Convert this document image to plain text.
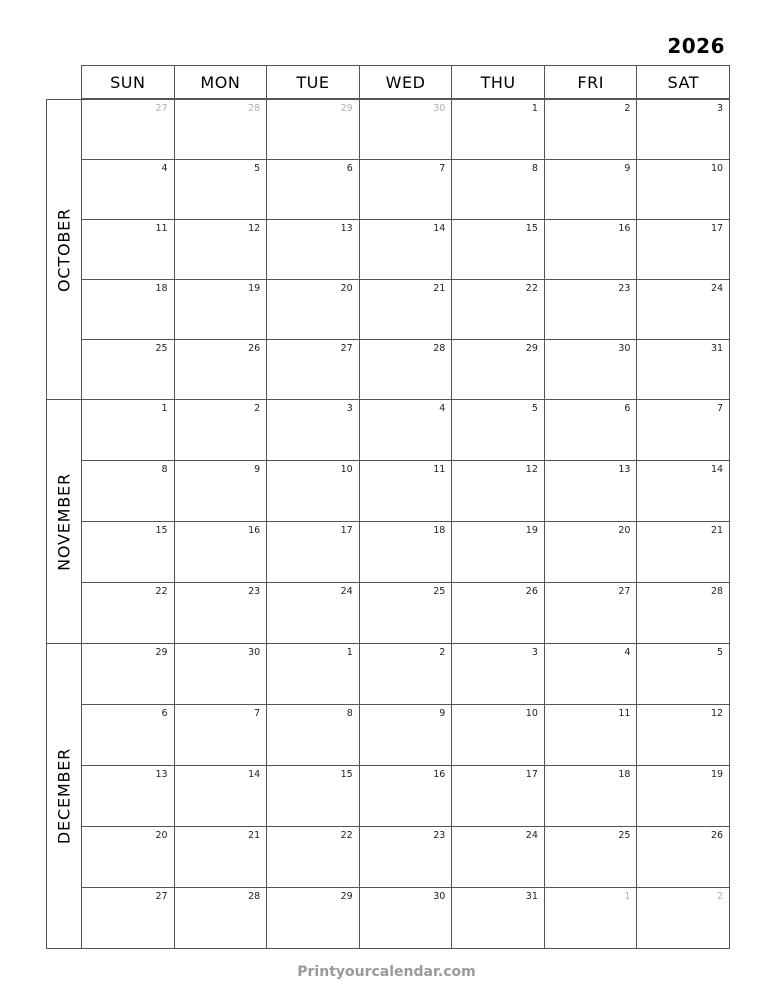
2026
SUN	MON	TUE	WED	THU	FRI	SAT
OCTOBER
27	28	29	30	1	2	3
4	5	6	7	8	9	10
11	12	13	14	15	16	17
18	19	20	21	22	23	24
25	26	27	28	29	30	31
NOVEMBER
1	2	3	4	5	6	7
8	9	10	11	12	13	14
15	16	17	18	19	20	21
22	23	24	25	26	27	28
DECEMBER
29	30	1	2	3	4	5
6	7	8	9	10	11	12
13	14	15	16	17	18	19
20	21	22	23	24	25	26
27	28	29	30	31	1	2
Printyourcalendar.com
